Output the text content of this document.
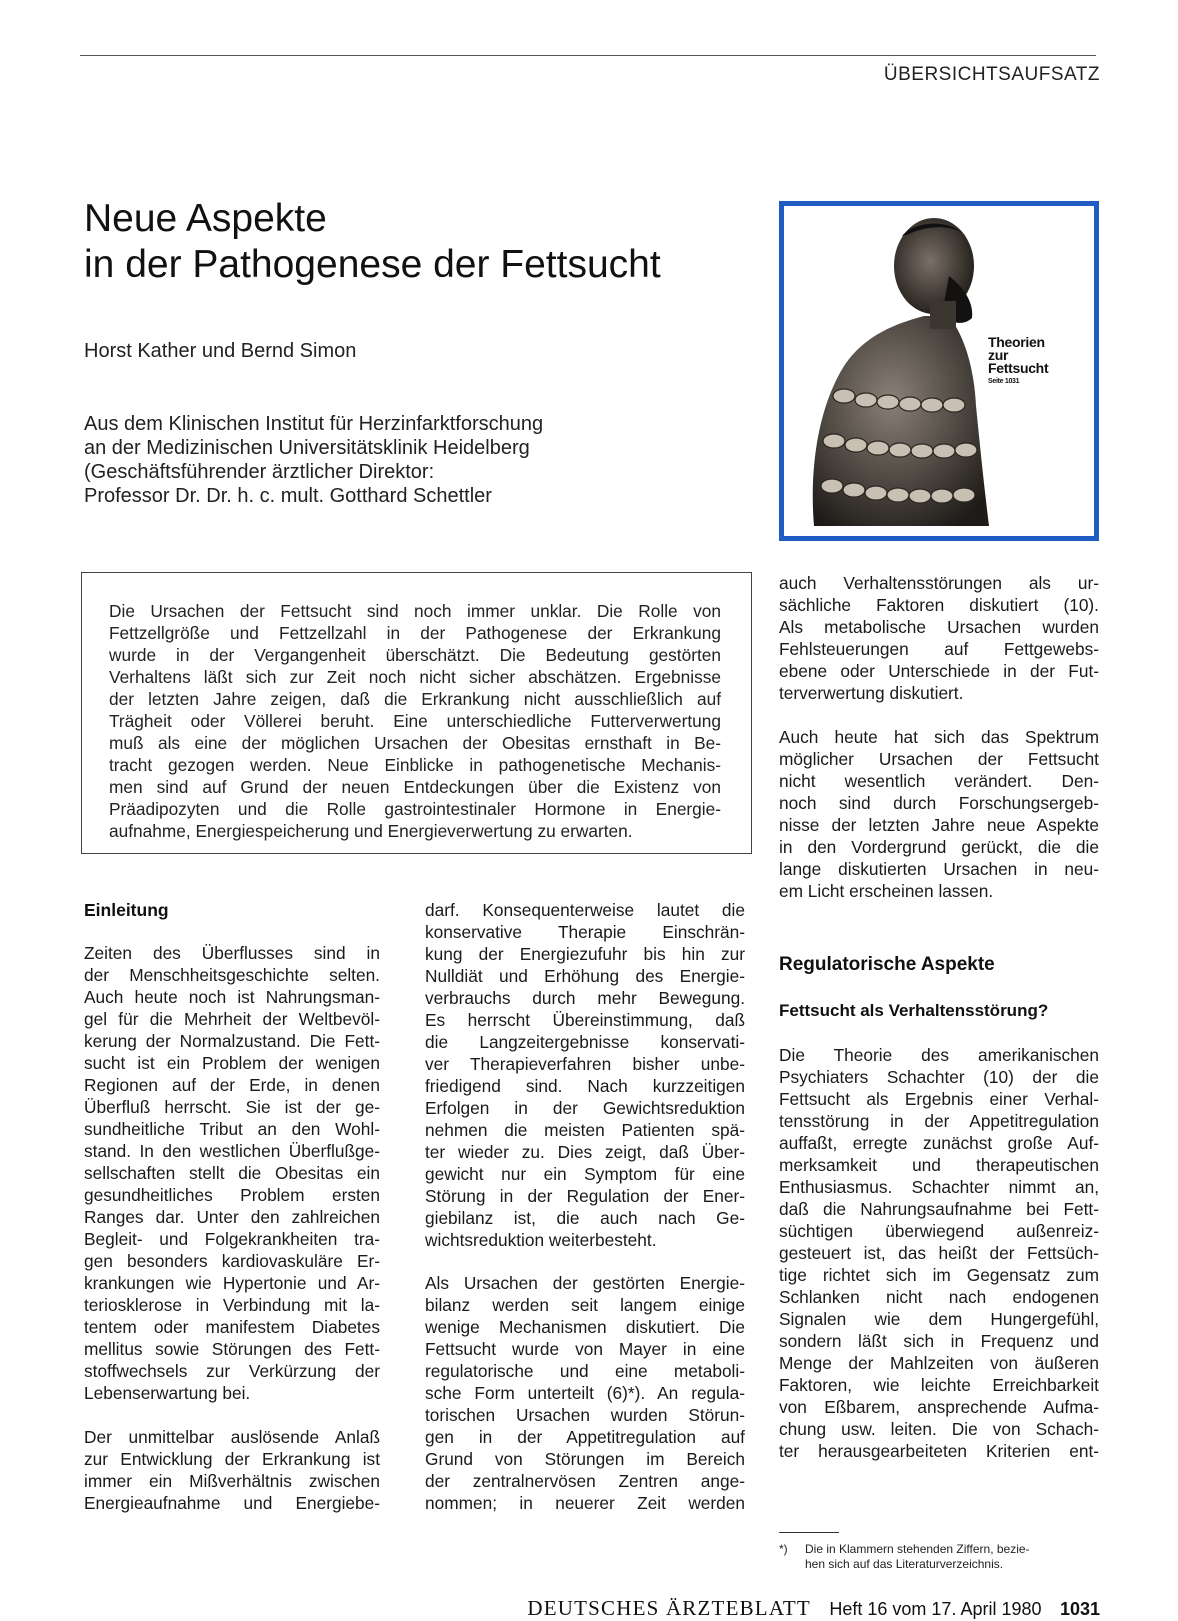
ÜBERSICHTSAUFSATZ
Neue Aspekte
in der Pathogenese der Fettsucht
Horst Kather und Bernd Simon
Aus dem Klinischen Institut für Herzinfarktforschung
an der Medizinischen Universitätsklinik Heidelberg
(Geschäftsführender ärztlicher Direktor:
Professor Dr. Dr. h. c. mult. Gotthard Schettler
Theorien
zur
Fettsucht
Seite 1031
Die Ursachen der Fettsucht sind noch immer unklar. Die Rolle von
Fettzellgröße und Fettzellzahl in der Pathogenese der Erkrankung
wurde in der Vergangenheit überschätzt. Die Bedeutung gestörten
Verhaltens läßt sich zur Zeit noch nicht sicher abschätzen. Ergebnisse
der letzten Jahre zeigen, daß die Erkrankung nicht ausschließlich auf
Trägheit oder Völlerei beruht. Eine unterschiedliche Futterverwertung
muß als eine der möglichen Ursachen der Obesitas ernsthaft in Be-
tracht gezogen werden. Neue Einblicke in pathogenetische Mechanis-
men sind auf Grund der neuen Entdeckungen über die Existenz von
Präadipozyten und die Rolle gastrointestinaler Hormone in Energie-
aufnahme, Energiespeicherung und Energieverwertung zu erwarten.
Einleitung
Zeiten des Überflusses sind in
der Menschheitsgeschichte selten.
Auch heute noch ist Nahrungsman-
gel für die Mehrheit der Weltbevöl-
kerung der Normalzustand. Die Fett-
sucht ist ein Problem der wenigen
Regionen auf der Erde, in denen
Überfluß herrscht. Sie ist der ge-
sundheitliche Tribut an den Wohl-
stand. In den westlichen Überflußge-
sellschaften stellt die Obesitas ein
gesundheitliches Problem ersten
Ranges dar. Unter den zahlreichen
Begleit- und Folgekrankheiten tra-
gen besonders kardiovaskuläre Er-
krankungen wie Hypertonie und Ar-
teriosklerose in Verbindung mit la-
tentem oder manifestem Diabetes
mellitus sowie Störungen des Fett-
stoffwechsels zur Verkürzung der
Lebenserwartung bei.
Der unmittelbar auslösende Anlaß
zur Entwicklung der Erkrankung ist
immer ein Mißverhältnis zwischen
Energieaufnahme und Energiebe-
darf. Konsequenterweise lautet die
konservative Therapie Einschrän-
kung der Energiezufuhr bis hin zur
Nulldiät und Erhöhung des Energie-
verbrauchs durch mehr Bewegung.
Es herrscht Übereinstimmung, daß
die Langzeitergebnisse konservati-
ver Therapieverfahren bisher unbe-
friedigend sind. Nach kurzzeitigen
Erfolgen in der Gewichtsreduktion
nehmen die meisten Patienten spä-
ter wieder zu. Dies zeigt, daß Über-
gewicht nur ein Symptom für eine
Störung in der Regulation der Ener-
giebilanz ist, die auch nach Ge-
wichtsreduktion weiterbesteht.
Als Ursachen der gestörten Energie-
bilanz werden seit langem einige
wenige Mechanismen diskutiert. Die
Fettsucht wurde von Mayer in eine
regulatorische und eine metaboli-
sche Form unterteilt (6)*). An regula-
torischen Ursachen wurden Störun-
gen in der Appetitregulation auf
Grund von Störungen im Bereich
der zentralnervösen Zentren ange-
nommen; in neuerer Zeit werden
auch Verhaltensstörungen als ur-
sächliche Faktoren diskutiert (10).
Als metabolische Ursachen wurden
Fehlsteuerungen auf Fettgewebs-
ebene oder Unterschiede in der Fut-
terverwertung diskutiert.
Auch heute hat sich das Spektrum
möglicher Ursachen der Fettsucht
nicht wesentlich verändert. Den-
noch sind durch Forschungsergeb-
nisse der letzten Jahre neue Aspekte
in den Vordergrund gerückt, die die
lange diskutierten Ursachen in neu-
em Licht erscheinen lassen.
Regulatorische Aspekte
Fettsucht als Verhaltensstörung?
Die Theorie des amerikanischen
Psychiaters Schachter (10) der die
Fettsucht als Ergebnis einer Verhal-
tensstörung in der Appetitregulation
auffaßt, erregte zunächst große Auf-
merksamkeit und therapeutischen
Enthusiasmus. Schachter nimmt an,
daß die Nahrungsaufnahme bei Fett-
süchtigen überwiegend außenreiz-
gesteuert ist, das heißt der Fettsüch-
tige richtet sich im Gegensatz zum
Schlanken nicht nach endogenen
Signalen wie dem Hungergefühl,
sondern läßt sich in Frequenz und
Menge der Mahlzeiten von äußeren
Faktoren, wie leichte Erreichbarkeit
von Eßbarem, ansprechende Aufma-
chung usw. leiten. Die von Schach-
ter herausgearbeiteten Kriterien ent-
*) Die in Klammern stehenden Ziffern, bezie-
hen sich auf das Literaturverzeichnis.
DEUTSCHES ÄRZTEBLATT Heft 16 vom 17. April 1980 1031
